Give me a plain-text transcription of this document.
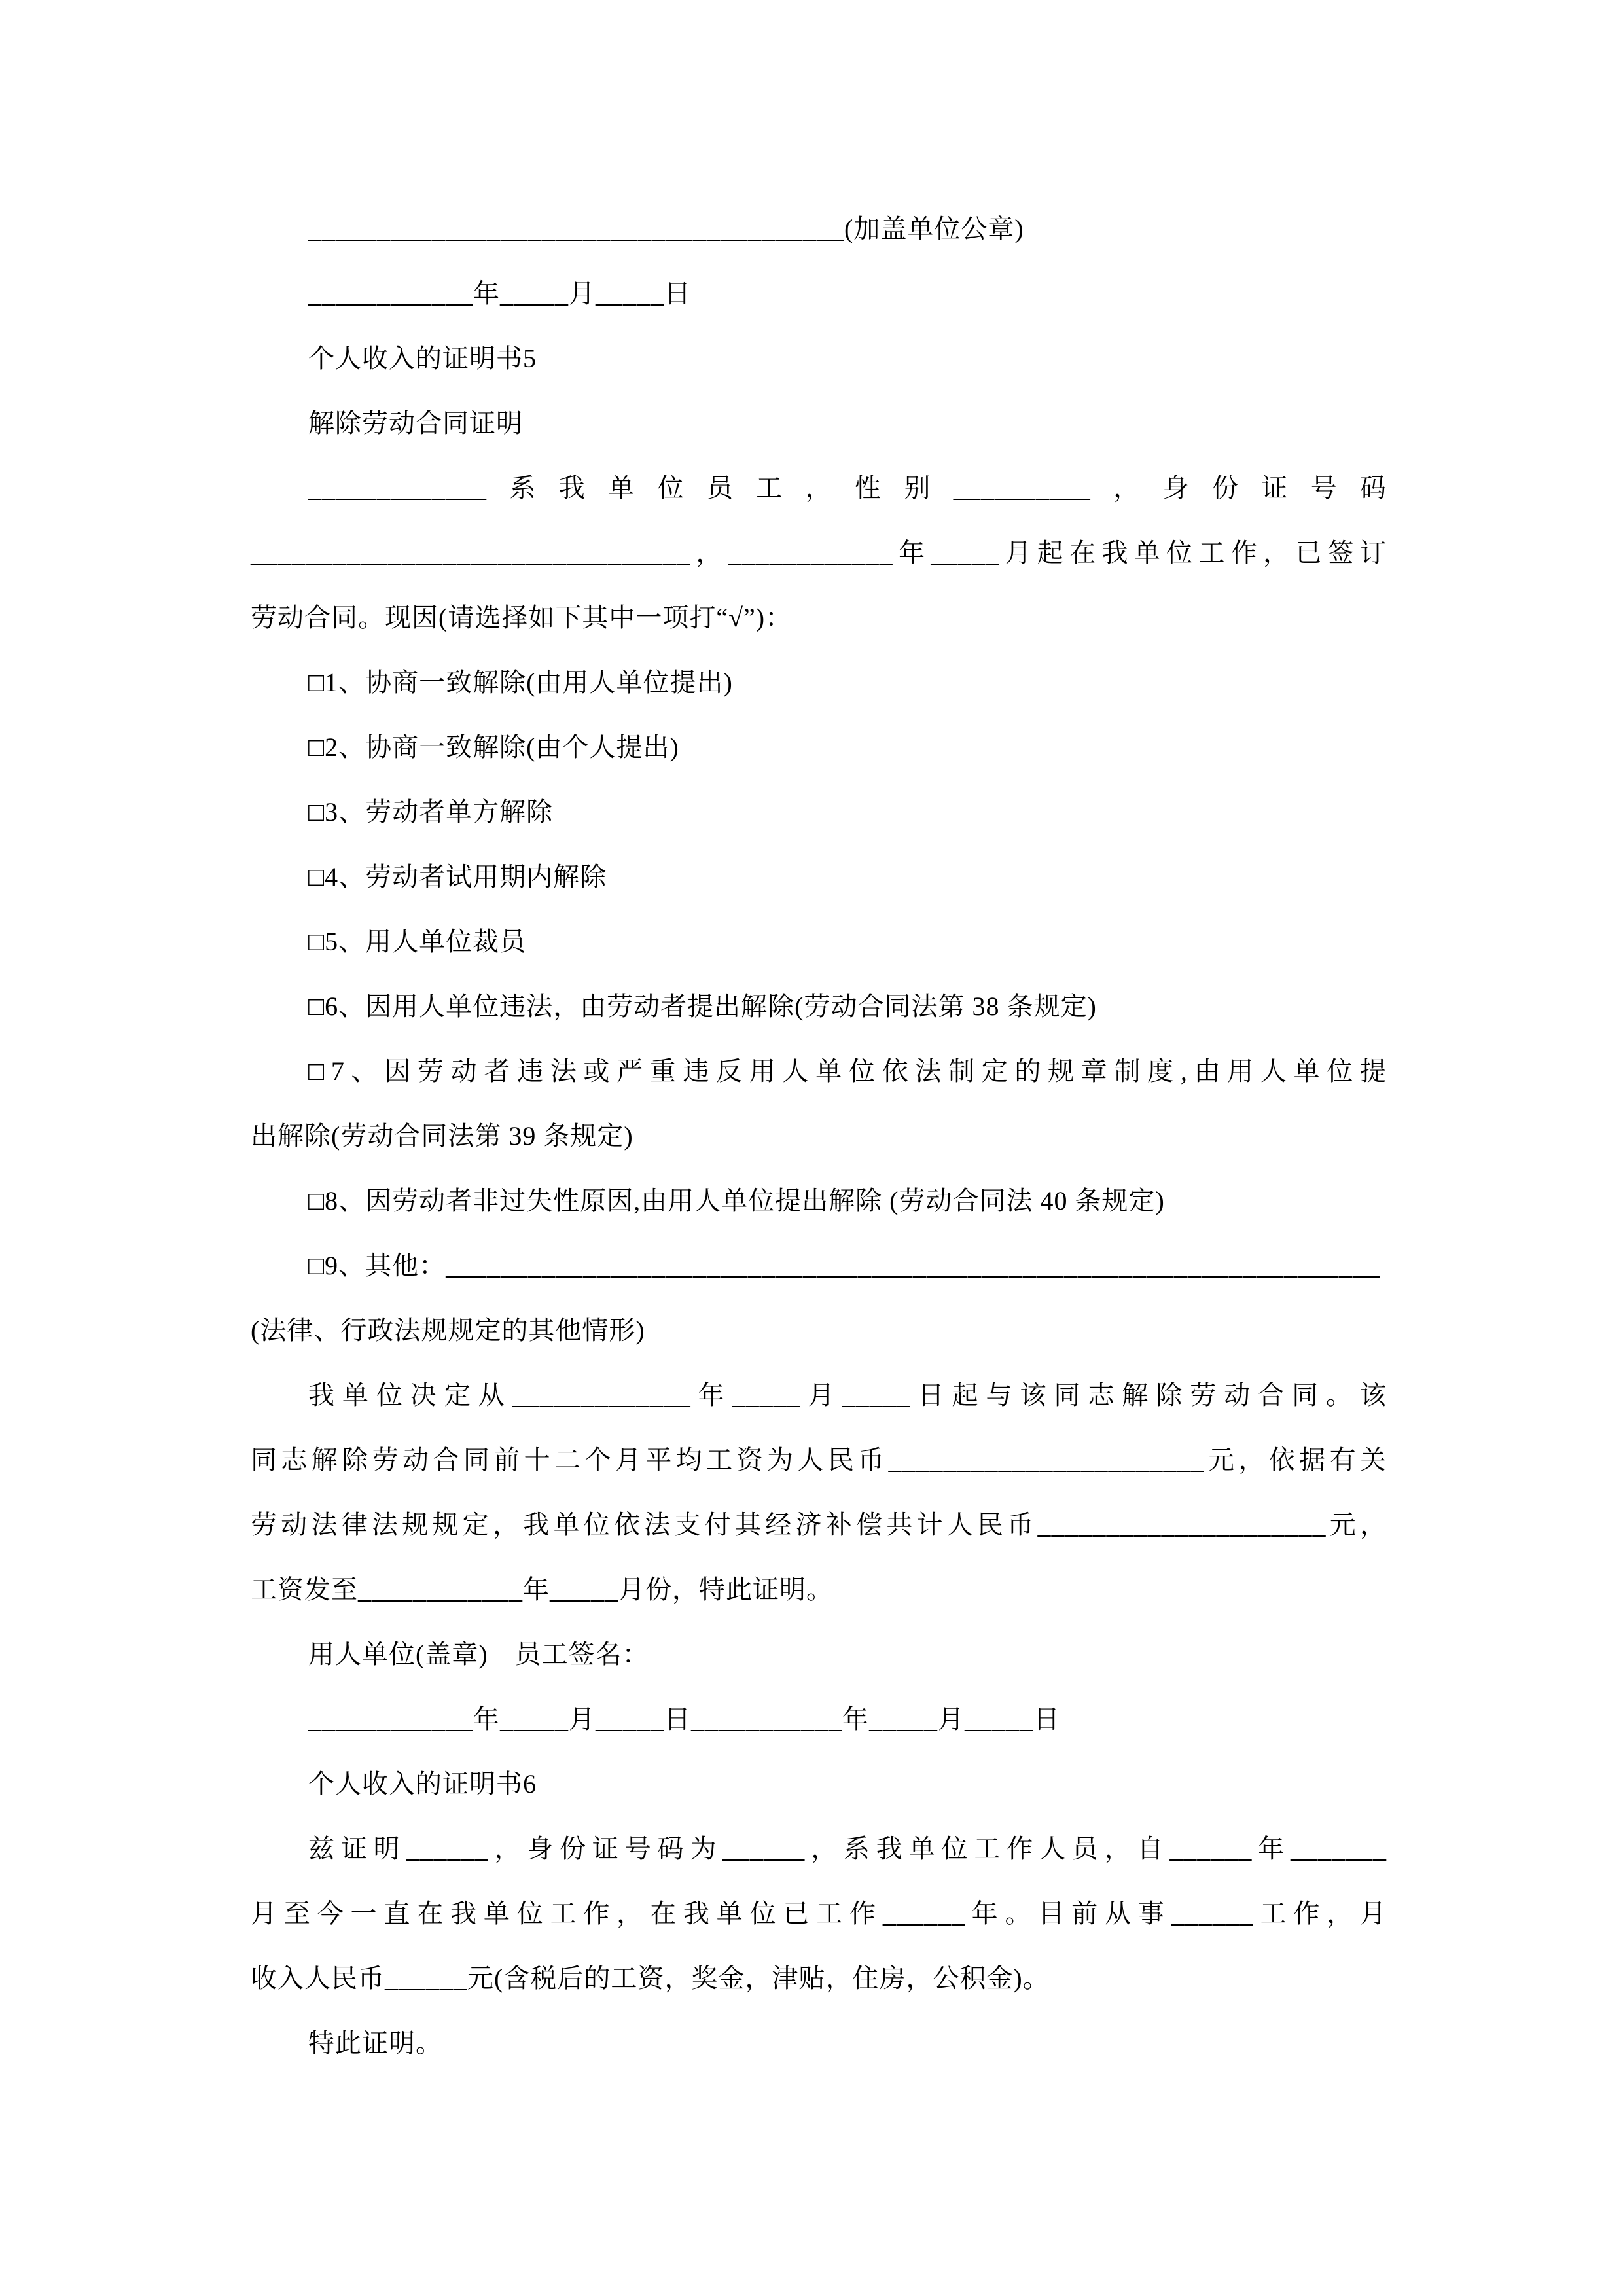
_______________________________________(加盖单位公章)
____________年_____月_____日
个人收入的证明书5
解除劳动合同证明
_____________系我单位员工，性别__________，身份证号码
________________________________，____________年_____月起在我单位工作，已签订
劳动合同。现因(请选择如下其中一项打“√”)：
□1、协商一致解除(由用人单位提出)
□2、协商一致解除(由个人提出)
□3、劳动者单方解除
□4、劳动者试用期内解除
□5、用人单位裁员
□6、因用人单位违法，由劳动者提出解除(劳动合同法第 38 条规定)
□7、因劳动者违法或严重违反用人单位依法制定的规章制度,由用人单位提
出解除(劳动合同法第 39 条规定)
□8、因劳动者非过失性原因,由用人单位提出解除 (劳动合同法 40 条规定)
□9、其他：____________________________________________________________________
(法律、行政法规规定的其他情形)
我单位决定从_____________年_____月_____日起与该同志解除劳动合同。该
同志解除劳动合同前十二个月平均工资为人民币_______________________元，依据有关
劳动法律法规规定，我单位依法支付其经济补偿共计人民币_____________________元，
工资发至____________年_____月份，特此证明。
用人单位(盖章)　员工签名：
____________年_____月_____日___________年_____月_____日
个人收入的证明书6
兹证明______，身份证号码为______，系我单位工作人员，自______年_______
月至今一直在我单位工作，在我单位已工作______年。目前从事______工作，月
收入人民币______元(含税后的工资，奖金，津贴，住房，公积金)。
特此证明。
